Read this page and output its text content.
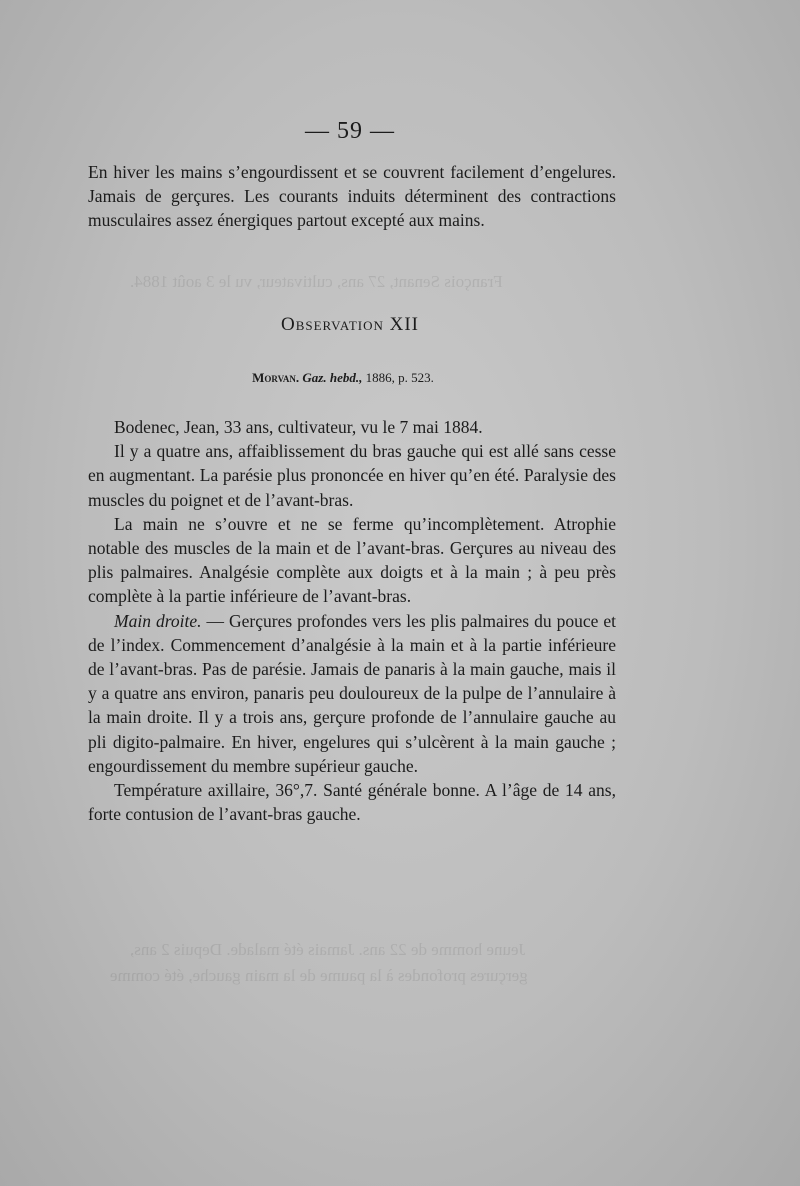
François Senant, 27 ans, cultivateur, vu le 3 août 1884.
Jeune homme de 22 ans. Jamais été malade. Depuis 2 ans,
gerçures profondes à la paume de la main gauche, été comme
— 59 —

En hiver les mains s’engourdissent et se couvrent facilement d’engelures. Jamais de gerçures. Les courants induits déterminent des contractions musculaires assez énergiques partout excepté aux mains.

Observation XII
Morvan. Gaz. hebd., 1886, p. 523.

Bodenec, Jean, 33 ans, cultivateur, vu le 7 mai 1884.

Il y a quatre ans, affaiblissement du bras gauche qui est allé sans cesse en augmentant. La parésie plus prononcée en hiver qu’en été. Paralysie des muscles du poignet et de l’avant-bras.

La main ne s’ouvre et ne se ferme qu’incomplètement. Atrophie notable des muscles de la main et de l’avant-bras. Gerçures au niveau des plis palmaires. Analgésie complète aux doigts et à la main ; à peu près complète à la partie inférieure de l’avant-bras.

Main droite. — Gerçures profondes vers les plis palmaires du pouce et de l’index. Commencement d’analgésie à la main et à la partie inférieure de l’avant-bras. Pas de parésie. Jamais de panaris à la main gauche, mais il y a quatre ans environ, panaris peu douloureux de la pulpe de l’annulaire à la main droite. Il y a trois ans, gerçure profonde de l’annulaire gauche au pli digito-palmaire. En hiver, engelures qui s’ulcèrent à la main gauche ; engourdissement du membre supérieur gauche.

Température axillaire, 36°,7. Santé générale bonne. A l’âge de 14 ans, forte contusion de l’avant-bras gauche.
